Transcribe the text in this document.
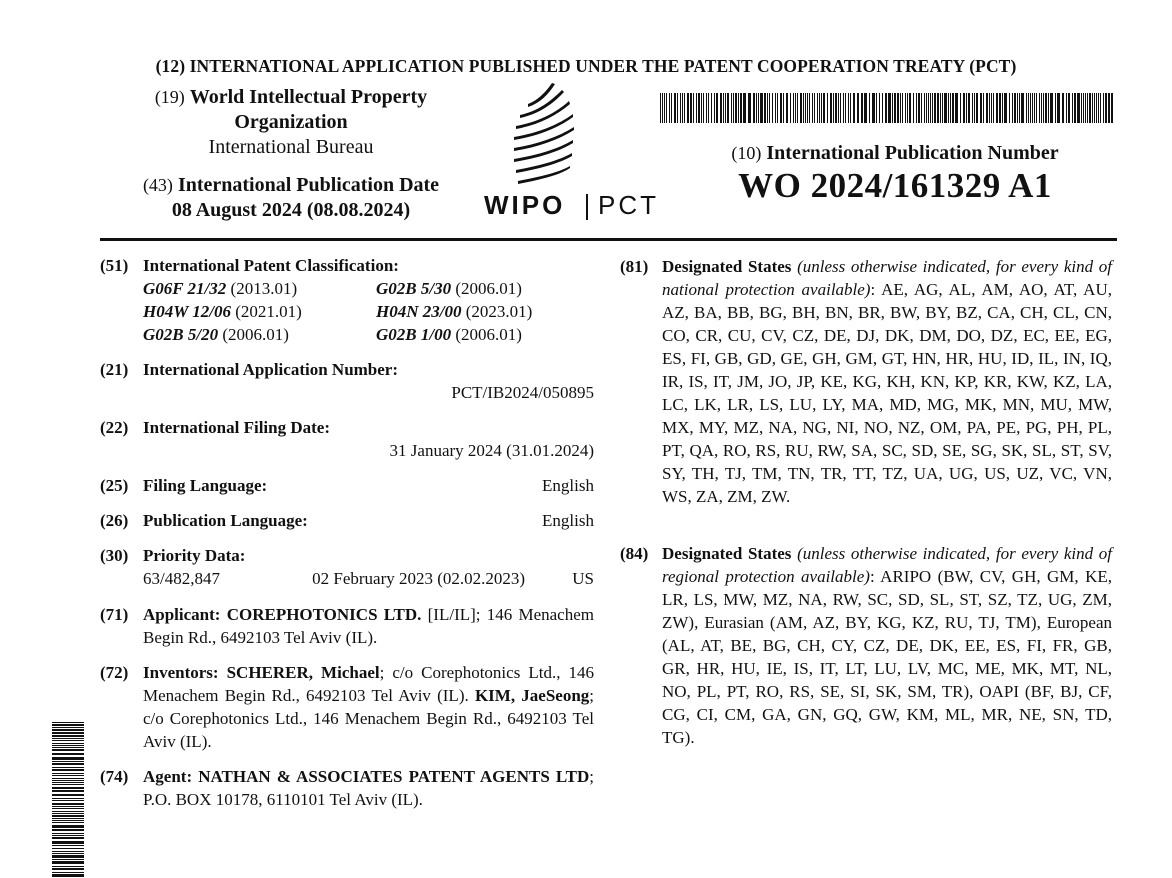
(12) INTERNATIONAL APPLICATION PUBLISHED UNDER THE PATENT COOPERATION TREATY (PCT)
(19) World Intellectual Property
Organization
International Bureau
(43) International Publication Date
08 August 2024 (08.08.2024)	WIPO PCT
(10) International Publication Number
WO 2024/161329 A1
(51) International Patent Classification:
G06F 21/32 (2013.01)	G02B 5/30 (2006.01)
H04W 12/06 (2021.01)	H04N 23/00 (2023.01)
G02B 5/20 (2006.01)	G02B 1/00 (2006.01)
(21) International Application Number:
PCT/IB2024/050895
(22) International Filing Date:
31 January 2024 (31.01.2024)
(25) Filing Language:	English
(26) Publication Language:	English
(30) Priority Data:
63/482,847	02 February 2023 (02.02.2023)	US
(71) Applicant: COREPHOTONICS LTD. [IL/IL]; 146 Menachem Begin Rd., 6492103 Tel Aviv (IL).
(72) Inventors: SCHERER, Michael; c/o Corephotonics Ltd., 146 Menachem Begin Rd., 6492103 Tel Aviv (IL). KIM, JaeSeong; c/o Corephotonics Ltd., 146 Menachem Begin Rd., 6492103 Tel Aviv (IL).
(74) Agent: NATHAN & ASSOCIATES PATENT AGENTS LTD; P.O. BOX 10178, 6110101 Tel Aviv (IL).
(81) Designated States (unless otherwise indicated, for every kind of national protection available): AE, AG, AL, AM, AO, AT, AU, AZ, BA, BB, BG, BH, BN, BR, BW, BY, BZ, CA, CH, CL, CN, CO, CR, CU, CV, CZ, DE, DJ, DK, DM, DO, DZ, EC, EE, EG, ES, FI, GB, GD, GE, GH, GM, GT, HN, HR, HU, ID, IL, IN, IQ, IR, IS, IT, JM, JO, JP, KE, KG, KH, KN, KP, KR, KW, KZ, LA, LC, LK, LR, LS, LU, LY, MA, MD, MG, MK, MN, MU, MW, MX, MY, MZ, NA, NG, NI, NO, NZ, OM, PA, PE, PG, PH, PL, PT, QA, RO, RS, RU, RW, SA, SC, SD, SE, SG, SK, SL, ST, SV, SY, TH, TJ, TM, TN, TR, TT, TZ, UA, UG, US, UZ, VC, VN, WS, ZA, ZM, ZW.
(84) Designated States (unless otherwise indicated, for every kind of regional protection available): ARIPO (BW, CV, GH, GM, KE, LR, LS, MW, MZ, NA, RW, SC, SD, SL, ST, SZ, TZ, UG, ZM, ZW), Eurasian (AM, AZ, BY, KG, KZ, RU, TJ, TM), European (AL, AT, BE, BG, CH, CY, CZ, DE, DK, EE, ES, FI, FR, GB, GR, HR, HU, IE, IS, IT, LT, LU, LV, MC, ME, MK, MT, NL, NO, PL, PT, RO, RS, SE, SI, SK, SM, TR), OAPI (BF, BJ, CF, CG, CI, CM, GA, GN, GQ, GW, KM, ML, MR, NE, SN, TD, TG).
